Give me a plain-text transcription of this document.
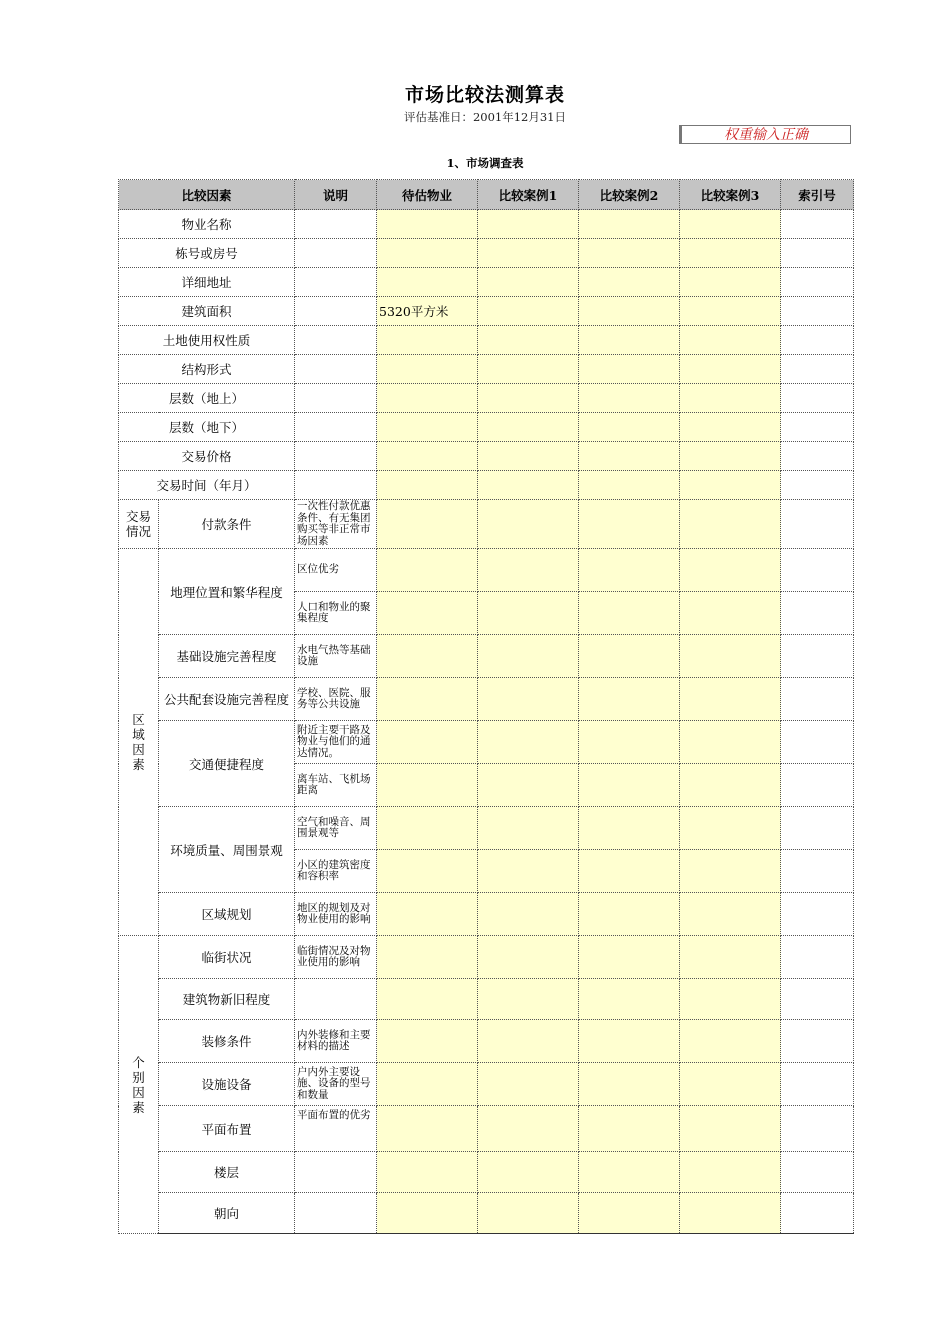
市场比较法测算表
评估基准日：2001年12月31日
权重输入正确
1、市场调查表
比较因素		说明	待估物业	比较案例1	比较案例2	比较案例3	索引号
物业名称							
栋号或房号							
详细地址							
建筑面积			5320平方米				
土地使用权性质							
结构形式							
层数（地上）							
层数（地下）							
交易价格							
交易时间（年月）							
交易情况	付款条件	一次性付款优惠条件、有无集团购买等非正常市场因素					
区域因素	地理位置和繁华程度	区位优劣					
		人口和物业的聚集程度					
	基础设施完善程度	水电气热等基础设施					
	公共配套设施完善程度	学校、医院、服务等公共设施					
	交通便捷程度	附近主要干路及物业与他们的通达情况。					
		离车站、飞机场距离					
	环境质量、周围景观	空气和噪音、周围景观等					
		小区的建筑密度和容积率					
	区域规划	地区的规划及对物业使用的影响					
个别因素	临街状况	临街情况及对物业使用的影响					
	建筑物新旧程度						
	装修条件	内外装修和主要材料的描述					
	设施设备	户内外主要设施、设备的型号和数量					
	平面布置	平面布置的优劣					
	楼层						
	朝向						
